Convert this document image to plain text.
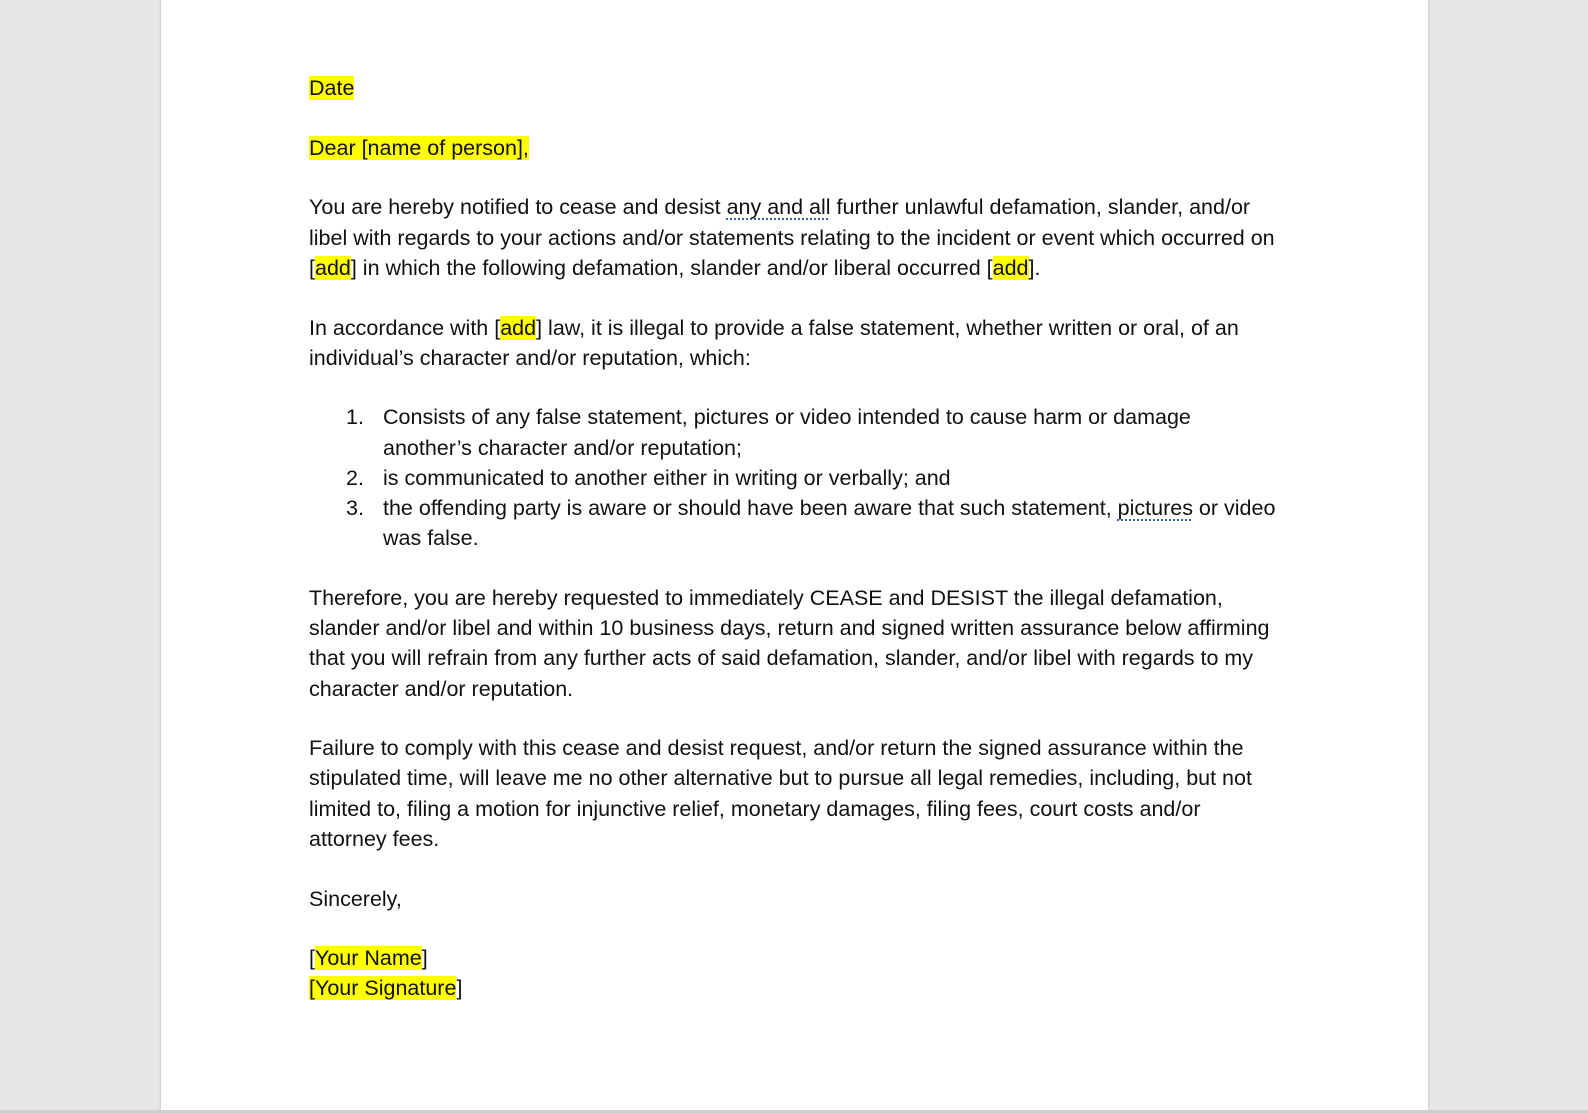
Date

Dear [name of person],

You are hereby notified to cease and desist any and all further unlawful defamation, slander, and/or libel with regards to your actions and/or statements relating to the incident or event which occurred on [add] in which the following defamation, slander and/or liberal occurred [add].

In accordance with [add] law, it is illegal to provide a false statement, whether written or oral, of an individual’s character and/or reputation, which:

1. Consists of any false statement, pictures or video intended to cause harm or damage another’s character and/or reputation;
2. is communicated to another either in writing or verbally; and
3. the offending party is aware or should have been aware that such statement, pictures or video was false.

Therefore, you are hereby requested to immediately CEASE and DESIST the illegal defamation, slander and/or libel and within 10 business days, return and signed written assurance below affirming that you will refrain from any further acts of said defamation, slander, and/or libel with regards to my character and/or reputation.

Failure to comply with this cease and desist request, and/or return the signed assurance within the stipulated time, will leave me no other alternative but to pursue all legal remedies, including, but not limited to, filing a motion for injunctive relief, monetary damages, filing fees, court costs and/or attorney fees.

Sincerely,

[Your Name]

[Your Signature]
